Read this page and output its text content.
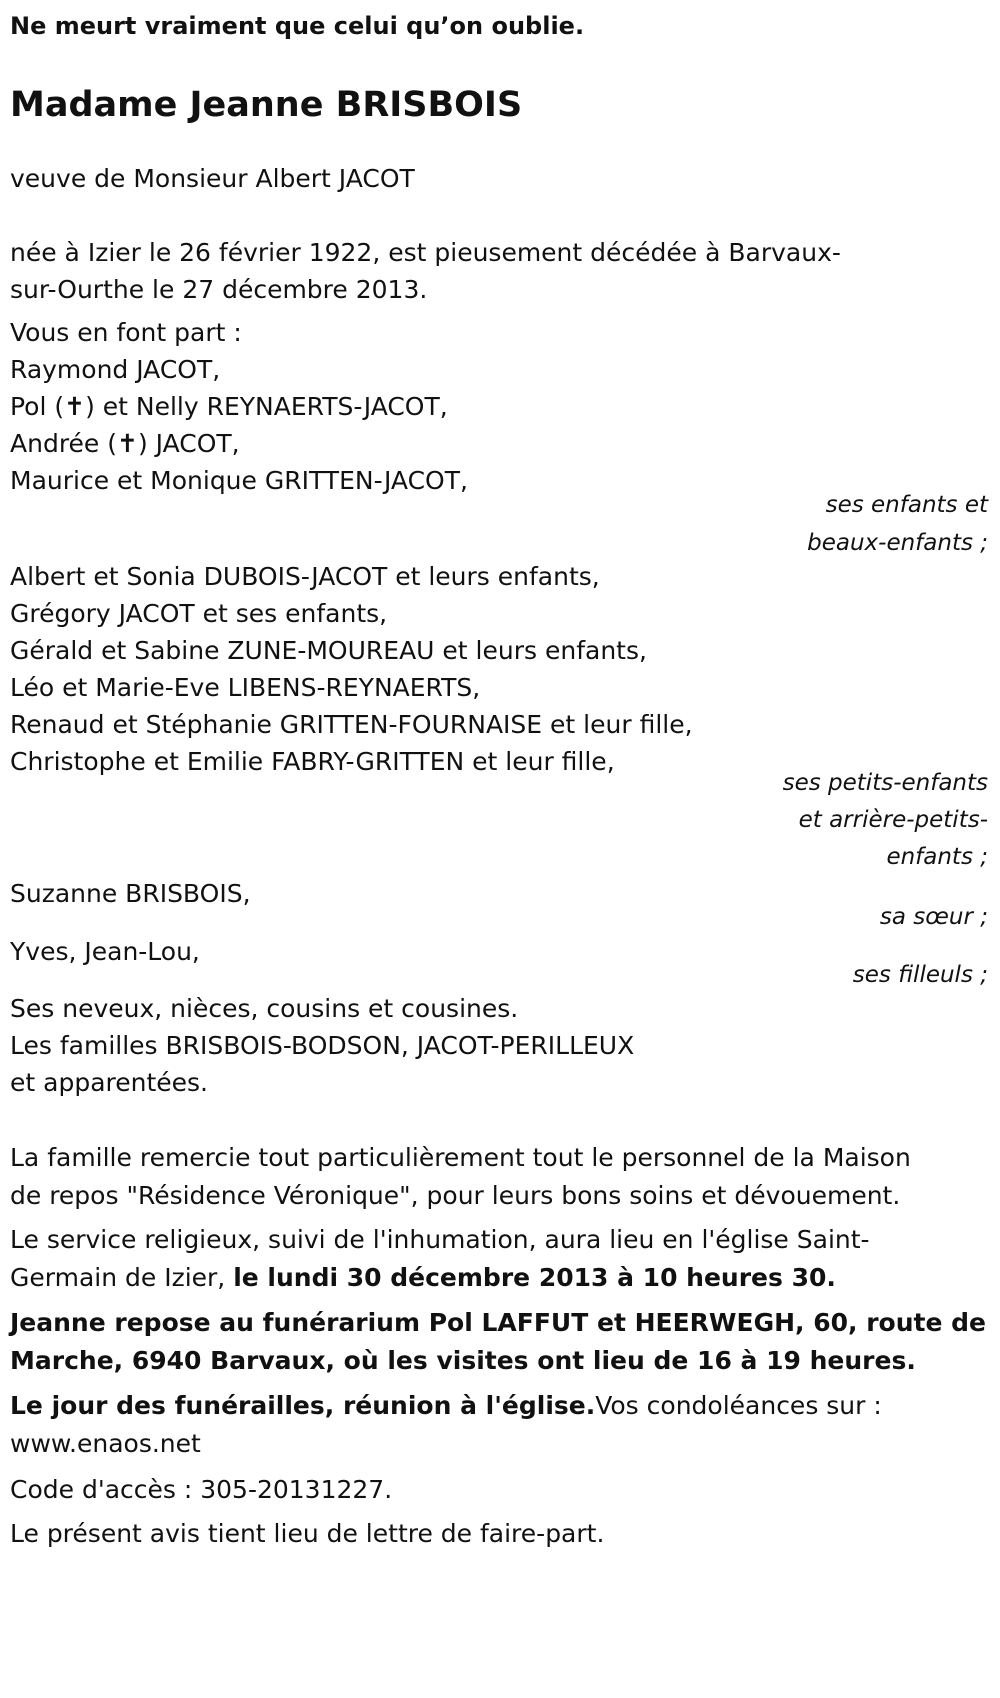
Ne meurt vraiment que celui qu’on oublie.
Madame Jeanne BRISBOIS
veuve de Monsieur Albert JACOT
née à Izier le 26 février 1922, est pieusement décédée à Barvaux-
sur-Ourthe le 27 décembre 2013.
Vous en font part :
Raymond JACOT,
Pol (✝) et Nelly REYNAERTS-JACOT,
Andrée (✝) JACOT,
Maurice et Monique GRITTEN-JACOT,
ses enfants et
beaux-enfants ;
Albert et Sonia DUBOIS-JACOT et leurs enfants,
Grégory JACOT et ses enfants,
Gérald et Sabine ZUNE-MOUREAU et leurs enfants,
Léo et Marie-Eve LIBENS-REYNAERTS,
Renaud et Stéphanie GRITTEN-FOURNAISE et leur fille,
Christophe et Emilie FABRY-GRITTEN et leur fille,
ses petits-enfants
et arrière-petits-
enfants ;
Suzanne BRISBOIS,
sa sœur ;
Yves, Jean-Lou,
ses filleuls ;
Ses neveux, nièces, cousins et cousines.
Les familles BRISBOIS-BODSON, JACOT-PERILLEUX
et apparentées.
La famille remercie tout particulièrement tout le personnel de la Maison
de repos "Résidence Véronique", pour leurs bons soins et dévouement.
Le service religieux, suivi de l'inhumation, aura lieu en l'église Saint-
Germain de Izier, le lundi 30 décembre 2013 à 10 heures 30.
Jeanne repose au funérarium Pol LAFFUT et HEERWEGH, 60, route de
Marche, 6940 Barvaux, où les visites ont lieu de 16 à 19 heures.
Le jour des funérailles, réunion à l'église.Vos condoléances sur :
www.enaos.net
Code d'accès : 305-20131227.
Le présent avis tient lieu de lettre de faire-part.
